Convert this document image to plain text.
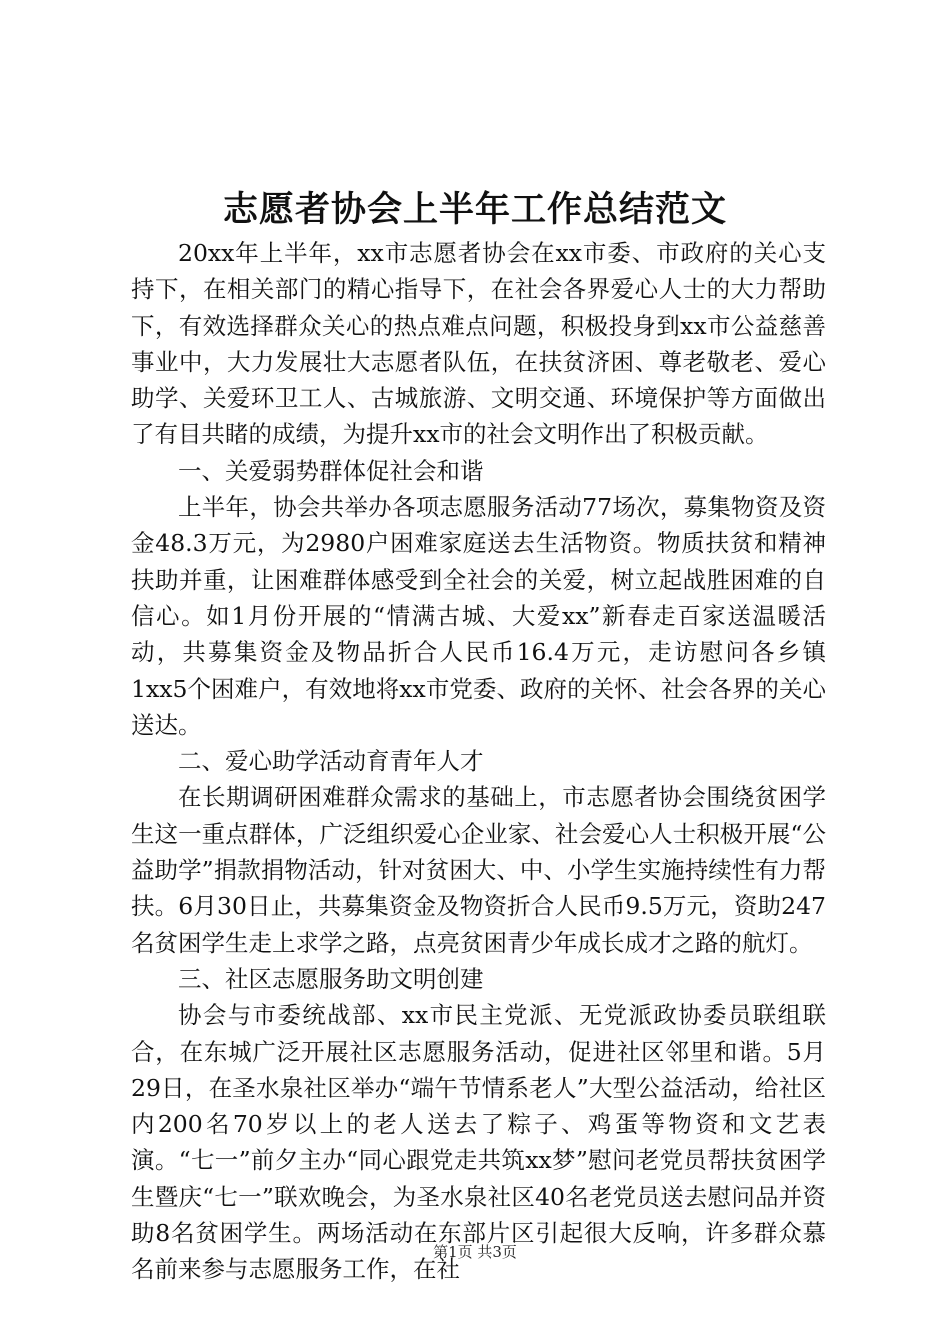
志愿者协会上半年工作总结范文

20xx年上半年，xx市志愿者协会在xx市委、市政府的关心支持下，在相关部门的精心指导下，在社会各界爱心人士的大力帮助下，有效选择群众关心的热点难点问题，积极投身到xx市公益慈善事业中，大力发展壮大志愿者队伍，在扶贫济困、尊老敬老、爱心助学、关爱环卫工人、古城旅游、文明交通、环境保护等方面做出了有目共睹的成绩，为提升xx市的社会文明作出了积极贡献。

一、关爱弱势群体促社会和谐

上半年，协会共举办各项志愿服务活动77场次，募集物资及资金48.3万元，为2980户困难家庭送去生活物资。物质扶贫和精神扶助并重，让困难群体感受到全社会的关爱，树立起战胜困难的自信心。如1月份开展的“情满古城、大爱xx”新春走百家送温暖活动，共募集资金及物品折合人民币16.4万元，走访慰问各乡镇1xx5个困难户，有效地将xx市党委、政府的关怀、社会各界的关心送达。

二、爱心助学活动育青年人才

在长期调研困难群众需求的基础上，市志愿者协会围绕贫困学生这一重点群体，广泛组织爱心企业家、社会爱心人士积极开展“公益助学”捐款捐物活动，针对贫困大、中、小学生实施持续性有力帮扶。6月30日止，共募集资金及物资折合人民币9.5万元，资助247名贫困学生走上求学之路，点亮贫困青少年成长成才之路的航灯。

三、社区志愿服务助文明创建

协会与市委统战部、xx市民主党派、无党派政协委员联组联合，在东城广泛开展社区志愿服务活动，促进社区邻里和谐。5月29日，在圣水泉社区举办“端午节情系老人”大型公益活动，给社区内200名70岁以上的老人送去了粽子、鸡蛋等物资和文艺表演。“七一”前夕主办“同心跟党走共筑xx梦”慰问老党员帮扶贫困学生暨庆“七一”联欢晚会，为圣水泉社区40名老党员送去慰问品并资助8名贫困学生。两场活动在东部片区引起很大反响，许多群众慕名前来参与志愿服务工作，在社

第1页 共3页
